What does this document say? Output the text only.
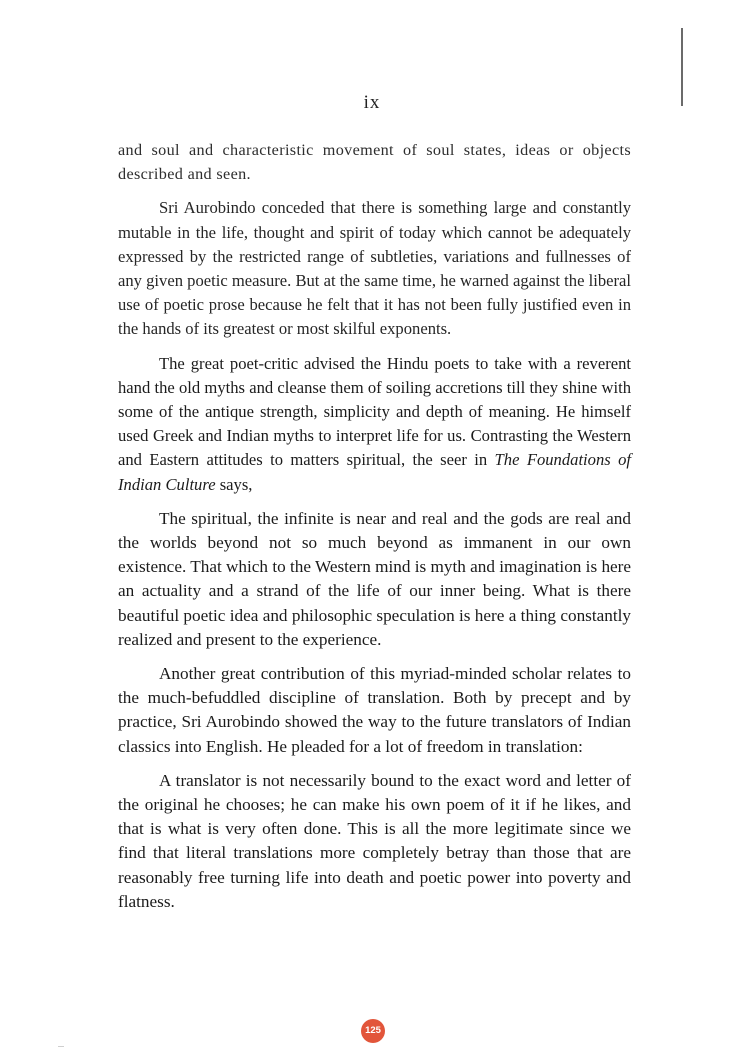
ix

and soul and characteristic movement of soul states, ideas or objects described and seen.

Sri Aurobindo conceded that there is something large and constantly mutable in the life, thought and spirit of today which cannot be adequately expressed by the restricted range of subtleties, variations and fullnesses of any given poetic measure. But at the same time, he warned against the liberal use of poetic prose because he felt that it has not been fully justified even in the hands of its greatest or most skilful exponents.

The great poet-critic advised the Hindu poets to take with a reverent hand the old myths and cleanse them of soiling accretions till they shine with some of the antique strength, simplicity and depth of meaning. He himself used Greek and Indian myths to interpret life for us. Contrasting the Western and Eastern attitudes to matters spiritual, the seer in The Foundations of Indian Culture says,

The spiritual, the infinite is near and real and the gods are real and the worlds beyond not so much beyond as immanent in our own existence. That which to the Western mind is myth and imagination is here an actuality and a strand of the life of our inner being. What is there beautiful poetic idea and philosophic speculation is here a thing constantly realized and present to the experience.

Another great contribution of this myriad-minded scholar relates to the much-befuddled discipline of translation. Both by precept and by practice, Sri Aurobindo showed the way to the future translators of Indian classics into English. He pleaded for a lot of freedom in translation:

A translator is not necessarily bound to the exact word and letter of the original he chooses; he can make his own poem of it if he likes, and that is what is very often done. This is all the more legitimate since we find that literal translations more completely betray than those that are reasonably free turning life into death and poetic power into poverty and flatness.

125
